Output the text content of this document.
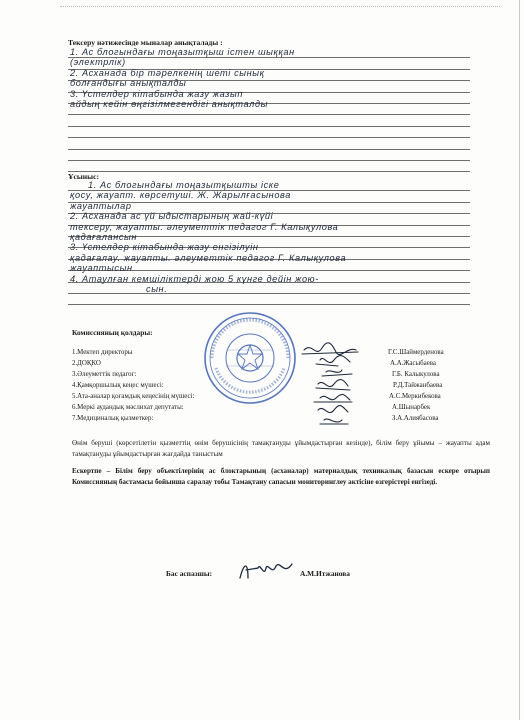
Тексеру нәтижесінде мыналар анықталады :
1. Ас блогындағы тоңазытқыш істен шыққан
(электрлік)
2. Асханада бір тәрелкенің шеті сынық
болғандығы анықталды
3. Үстелдер кітабында жазу жазып
айдың кейін өңгізілмегендігі анықталды
Ұсыныс:
1. Ас блогындағы тоңазытқышты іске
қосу, жауапт. көрсетуші. Ж. Жарылғасынова
жауаптылар
2. Асханада ас үй ыдыстарының жай-күйі
тексеру, жауапты. әлеуметтік педагог Г. Калықулова
қадағалансын
3. Үстелдер кітабында жазу енгізілуін
қадағалау. жауапты. әлеуметтік педагог Г. Калықулова
жауаптысын
4. Атаулған кемшіліктерді жою 5 күнге дейін жою-
сын.
Комиссияның қолдары:
1.Мектеп директоры	Г.С.Шаймерденова
2.ДОҚКО	А.А.Жасыбаева
3.Әлеуметтік педагог:	Г.Б. Калыкулова
4.Қамқоршылық кеңес мүшесі:	Р.Д.Тайжанбаева
5.Ата-аналар қоғамдық кеңесінің мүшесі:	А.С.Меркибекова
6.Меркі аудандық мәслихат депутаты:	А.Шынарбек
7.Медициналық қызметкер:	З.А.Алиябасова
Өнім беруші (көрсетілетін қызметтің өнім берушісінің тамақтануды ұйымдастырған кезінде), білім беру ұйымы – жауапты адам тамақтануды ұйымдастырған жағдайда таныстым
Ескертпе – Білім беру объектілерінің ас блоктарының (асханалар) материалдық техникалық базасын ескере отырып Комиссияның бастамасы бойынша саралау тобы Тамақтану сапасын мониторинглеу актісіне өзгерістері енгізеді.
Бас аспазшы:	А.М.Итжанова
